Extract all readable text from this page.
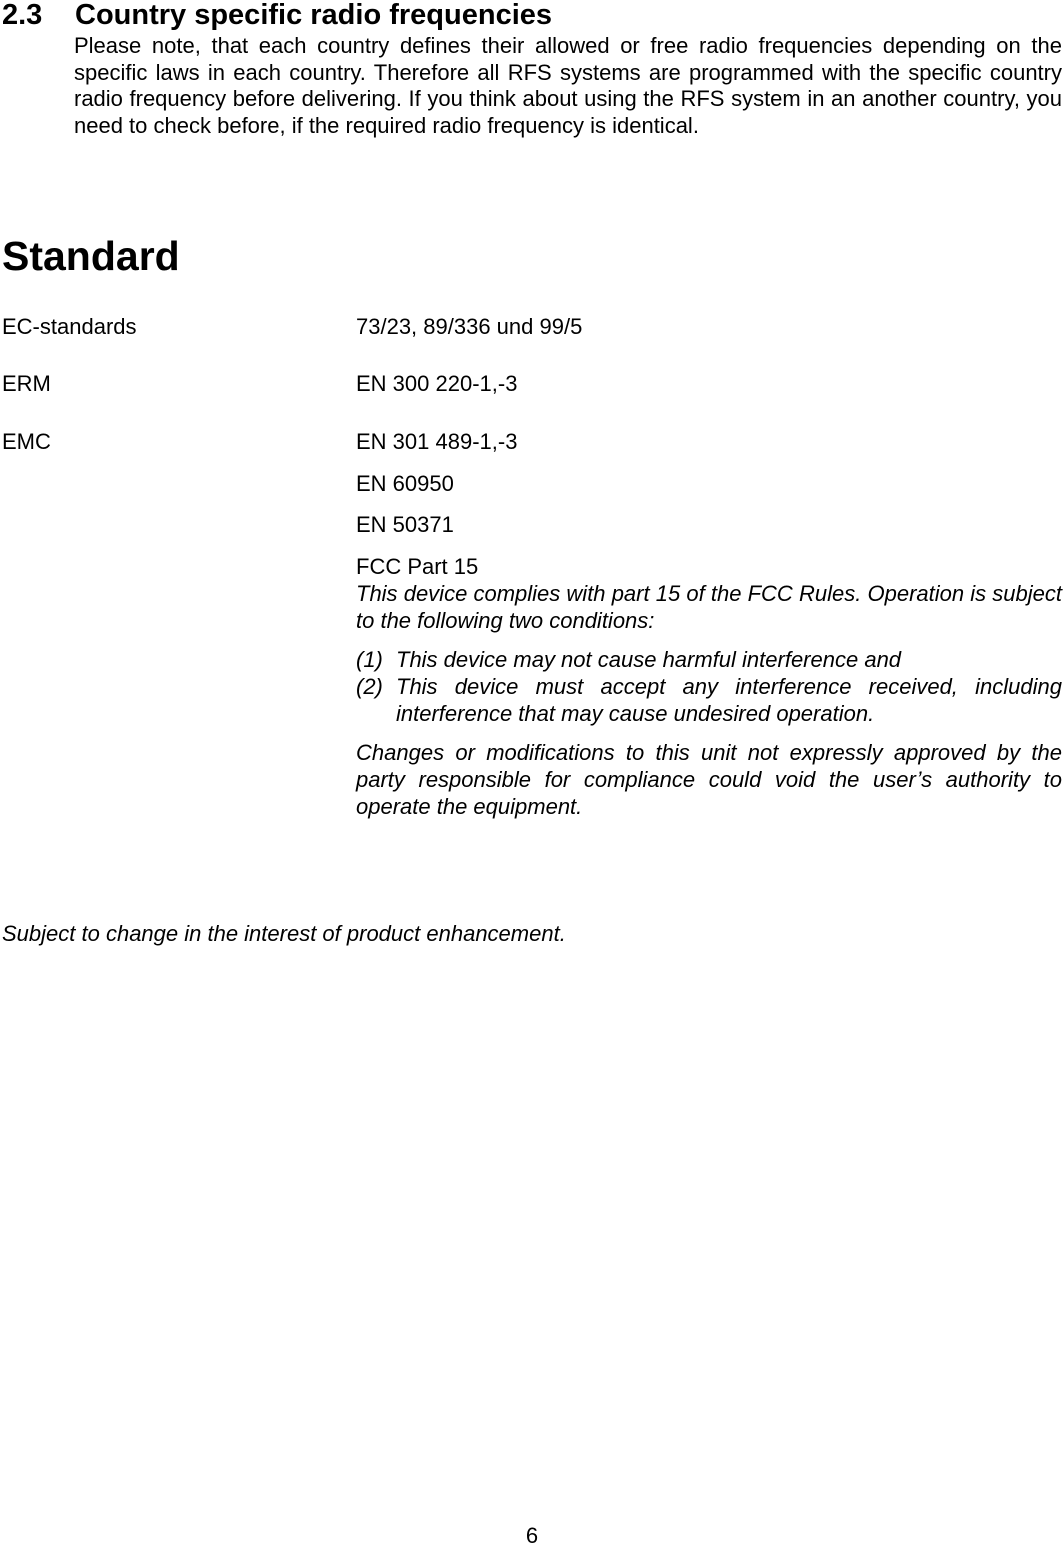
2.3 Country specific radio frequencies

Please note, that each country defines their allowed or free radio frequencies depending on the specific laws in each country. Therefore all RFS systems are programmed with the specific country radio frequency before delivering. If you think about using the RFS system in an another country, you need to check before, if the required radio frequency is identical.

Standard

EC-standards	73/23, 89/336 und 99/5

ERM	EN 300 220-1,-3

EMC	EN 301 489-1,-3

EN 60950

EN 50371

FCC Part 15

This device complies with part 15 of the FCC Rules. Operation is subject to the following two conditions:

(1) This device may not cause harmful interference and
(2) This device must accept any interference received, including interference that may cause undesired operation.

Changes or modifications to this unit not expressly approved by the party responsible for compliance could void the user’s authority to operate the equipment.

Subject to change in the interest of product enhancement.

6
